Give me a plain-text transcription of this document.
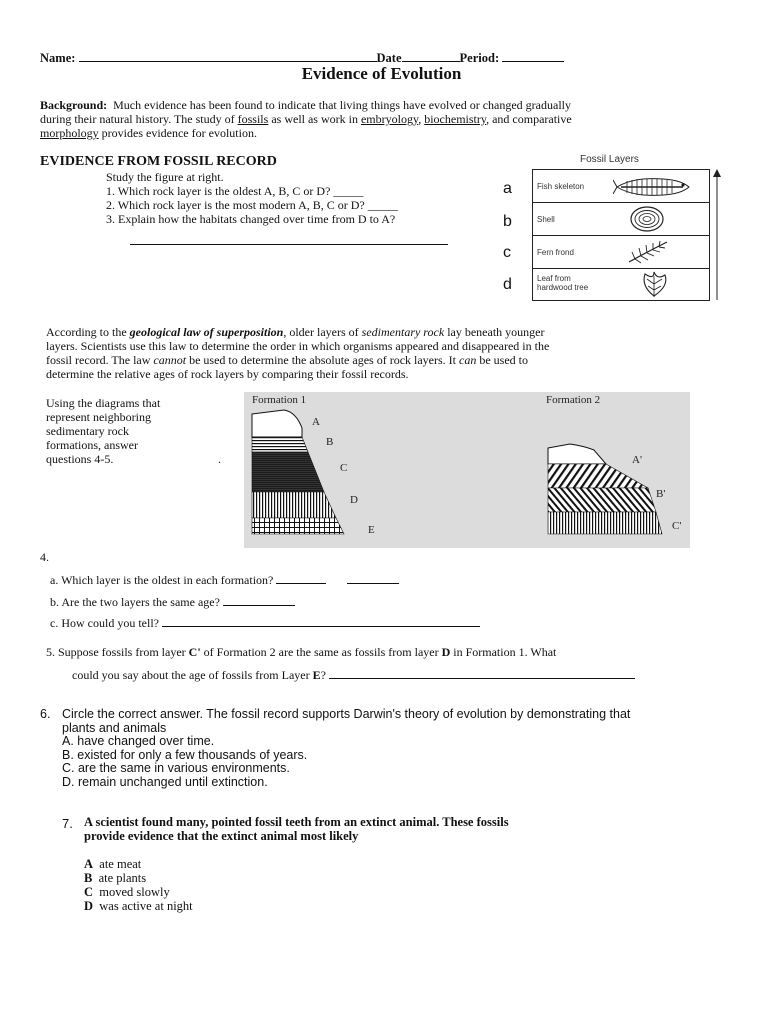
Name:	Date	Period:
Evidence of Evolution
Background: Much evidence has been found to indicate that living things have evolved or changed gradually
during their natural history. The study of fossils as well as work in embryology, biochemistry, and comparative
morphology provides evidence for evolution.
EVIDENCE FROM FOSSIL RECORD
Study the figure at right.
1. Which rock layer is the oldest A, B, C or D? _____
2. Which rock layer is the most modern A, B, C or D? _____
3. Explain how the habitats changed over time from D to A?
Fossil Layers
Fish skeleton
Shell
Fern frond
Leaf from
hardwood tree
a
b
c
d
According to the geological law of superposition, older layers of sedimentary rock lay beneath younger
layers. Scientists use this law to determine the order in which organisms appeared and disappeared in the
fossil record. The law cannot be used to determine the absolute ages of rock layers. It can be used to
determine the relative ages of rock layers by comparing their fossil records.
Using the diagrams that
represent neighboring
sedimentary rock
formations, answer
questions 4-5.	.
Formation 1	Formation 2
A
B
C
D
E
A'
B'
C'
4.
a. Which layer is the oldest in each formation?
b. Are the two layers the same age?
c. How could you tell?
5. Suppose fossils from layer C' of Formation 2 are the same as fossils from layer D in Formation 1. What
could you say about the age of fossils from Layer E?
6. Circle the correct answer. The fossil record supports Darwin's theory of evolution by demonstrating that
plants and animals
A. have changed over time.
B. existed for only a few thousands of years.
C. are the same in various environments.
D. remain unchanged until extinction.
7. A scientist found many, pointed fossil teeth from an extinct animal. These fossils
provide evidence that the extinct animal most likely
A ate meat
B ate plants
C moved slowly
D was active at night
